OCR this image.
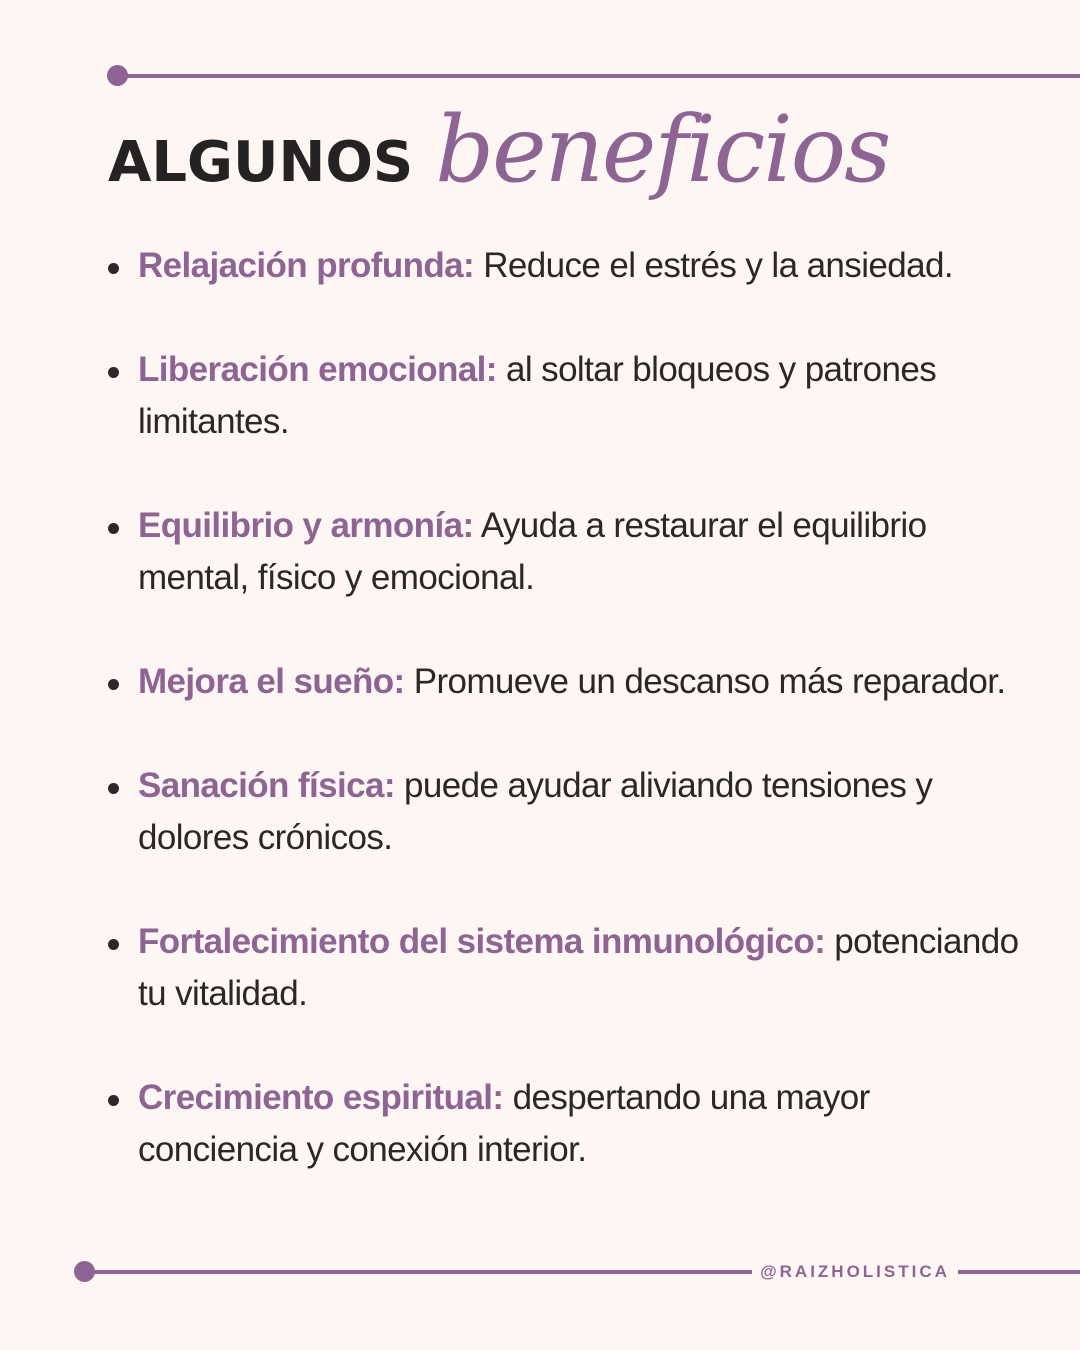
ALGUNOS beneficios
Relajación profunda: Reduce el estrés y la ansiedad.
Liberación emocional: al soltar bloqueos y patrones limitantes.
Equilibrio y armonía: Ayuda a restaurar el equilibrio mental, físico y emocional.
Mejora el sueño: Promueve un descanso más reparador.
Sanación física: puede ayudar aliviando tensiones y dolores crónicos.
Fortalecimiento del sistema inmunológico: potenciando tu vitalidad.
Crecimiento espiritual: despertando una mayor conciencia y conexión interior.
@RAIZHOLISTICA
